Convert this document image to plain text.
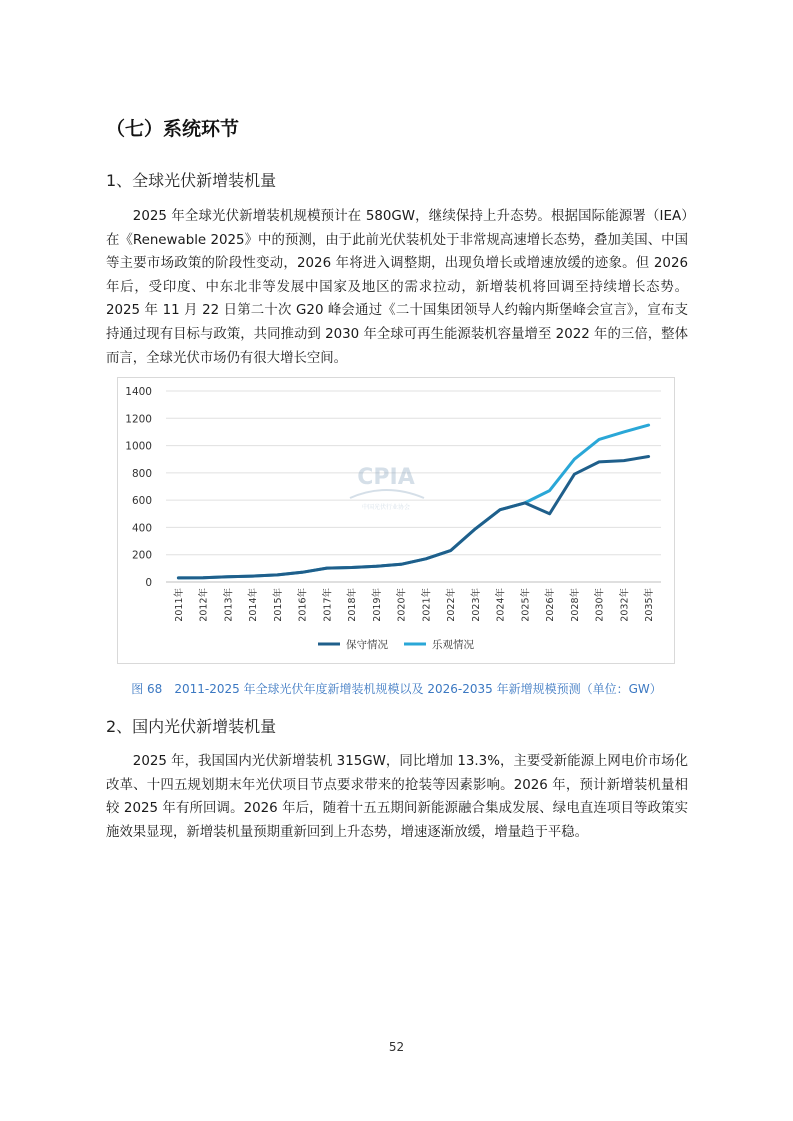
（七）系统环节
1、全球光伏新增装机量

2025 年全球光伏新增装机规模预计在 580GW，继续保持上升态势。根据国际能源署（IEA）在《Renewable 2025》中的预测，由于此前光伏装机处于非常规高速增长态势，叠加美国、中国等主要市场政策的阶段性变动，2026 年将进入调整期，出现负增长或增速放缓的迹象。但 2026 年后，受印度、中东北非等发展中国家及地区的需求拉动，新增装机将回调至持续增长态势。2025 年 11 月 22 日第二十次 G20 峰会通过《二十国集团领导人约翰内斯堡峰会宣言》，宣布支持通过现有目标与政策，共同推动到 2030 年全球可再生能源装机容量增至 2022 年的三倍，整体而言，全球光伏市场仍有很大增长空间。

0
200
400
600
800
1000
1200
1400
2011年 2012年 2013年 2014年 2015年 2016年 2017年 2018年 2019年 2020年 2021年 2022年 2023年 2024年 2025年 2026年 2028年 2030年 2032年 2035年
CPIA
中国光伏行业协会
保守情况	乐观情况
图 68　2011-2025 年全球光伏年度新增装机规模以及 2026-2035 年新增规模预测（单位：GW）
2、国内光伏新增装机量

2025 年，我国国内光伏新增装机 315GW，同比增加 13.3%，主要受新能源上网电价市场化改革、十四五规划期末年光伏项目节点要求带来的抢装等因素影响。2026 年，预计新增装机量相较 2025 年有所回调。2026 年后，随着十五五期间新能源融合集成发展、绿电直连项目等政策实施效果显现，新增装机量预期重新回到上升态势，增速逐渐放缓，增量趋于平稳。

52
